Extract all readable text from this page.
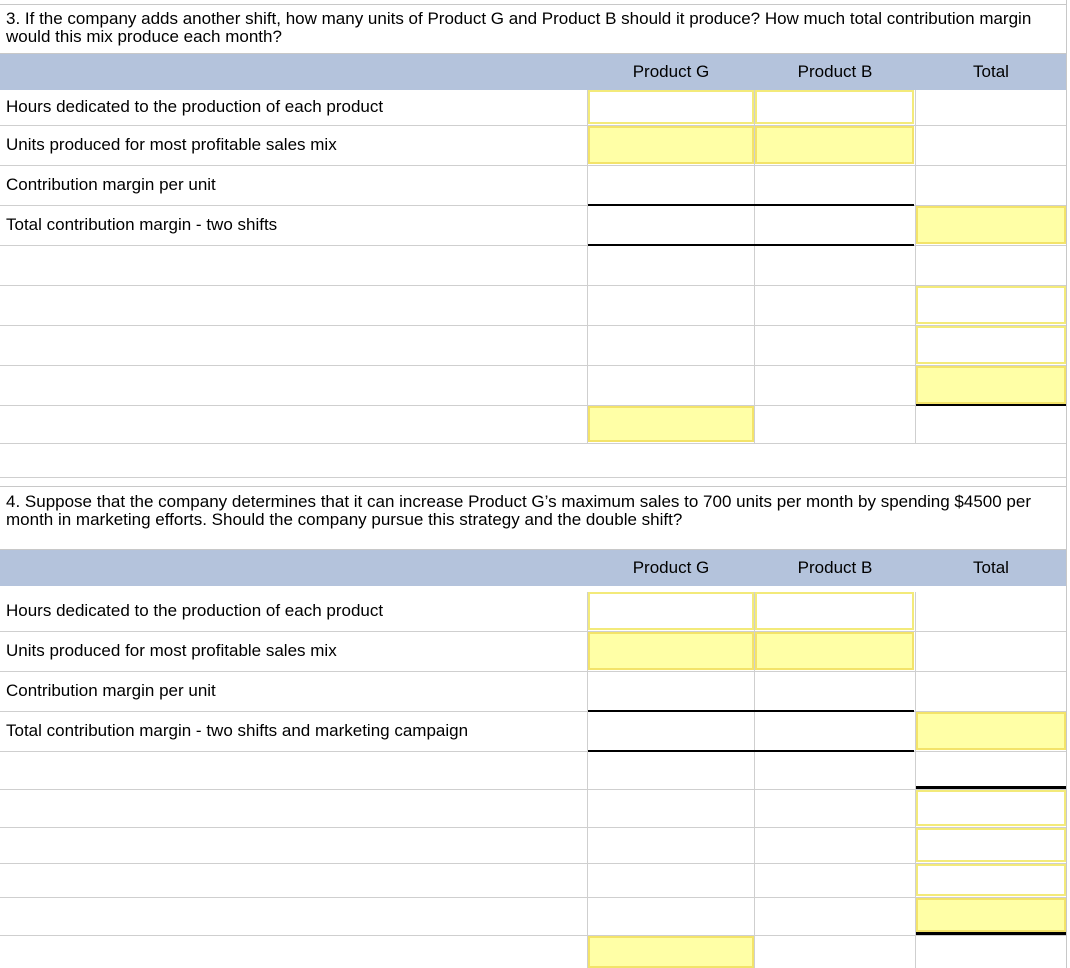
3. If the company adds another shift, how many units of Product G and Product B should it produce? How much total contribution margin would this mix produce each month?
Product G	Product B	Total
Hours dedicated to the production of each product
Units produced for most profitable sales mix
Contribution margin per unit
Total contribution margin - two shifts
4. Suppose that the company determines that it can increase Product G’s maximum sales to 700 units per month by spending $4500 per month in marketing efforts. Should the company pursue this strategy and the double shift?
Product G	Product B	Total
Hours dedicated to the production of each product
Units produced for most profitable sales mix
Contribution margin per unit
Total contribution margin - two shifts and marketing campaign
